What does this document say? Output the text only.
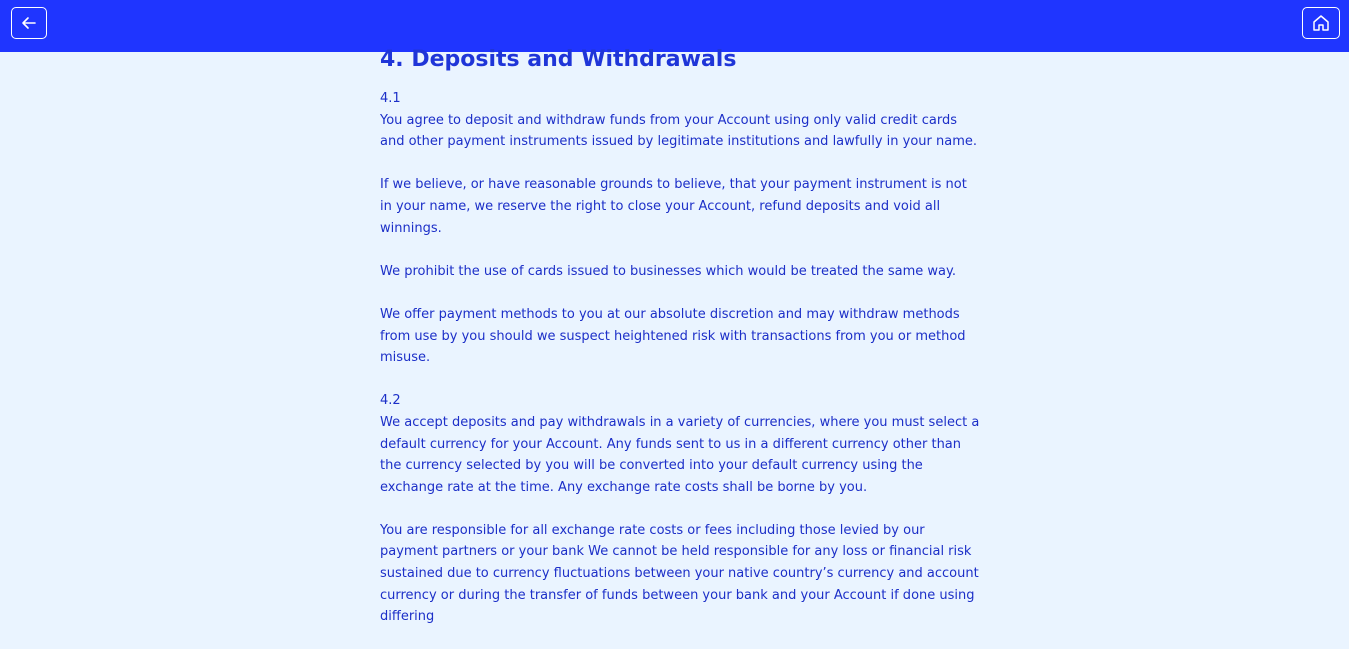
4. Deposits and Withdrawals

4.1

You agree to deposit and withdraw funds from your Account using only valid credit cards and other payment instruments issued by legitimate institutions and lawfully in your name.

If we believe, or have reasonable grounds to believe, that your payment instrument is not in your name, we reserve the right to close your Account, refund deposits and void all winnings.

We prohibit the use of cards issued to businesses which would be treated the same way.

We offer payment methods to you at our absolute discretion and may withdraw methods from use by you should we suspect heightened risk with transactions from you or method misuse.

4.2

We accept deposits and pay withdrawals in a variety of currencies, where you must select a default currency for your Account. Any funds sent to us in a different currency other than the currency selected by you will be converted into your default currency using the exchange rate at the time. Any exchange rate costs shall be borne by you.

You are responsible for all exchange rate costs or fees including those levied by our payment partners or your bank We cannot be held responsible for any loss or financial risk sustained due to currency fluctuations between your native country’s currency and account currency or during the transfer of funds between your bank and your Account if done using differing
